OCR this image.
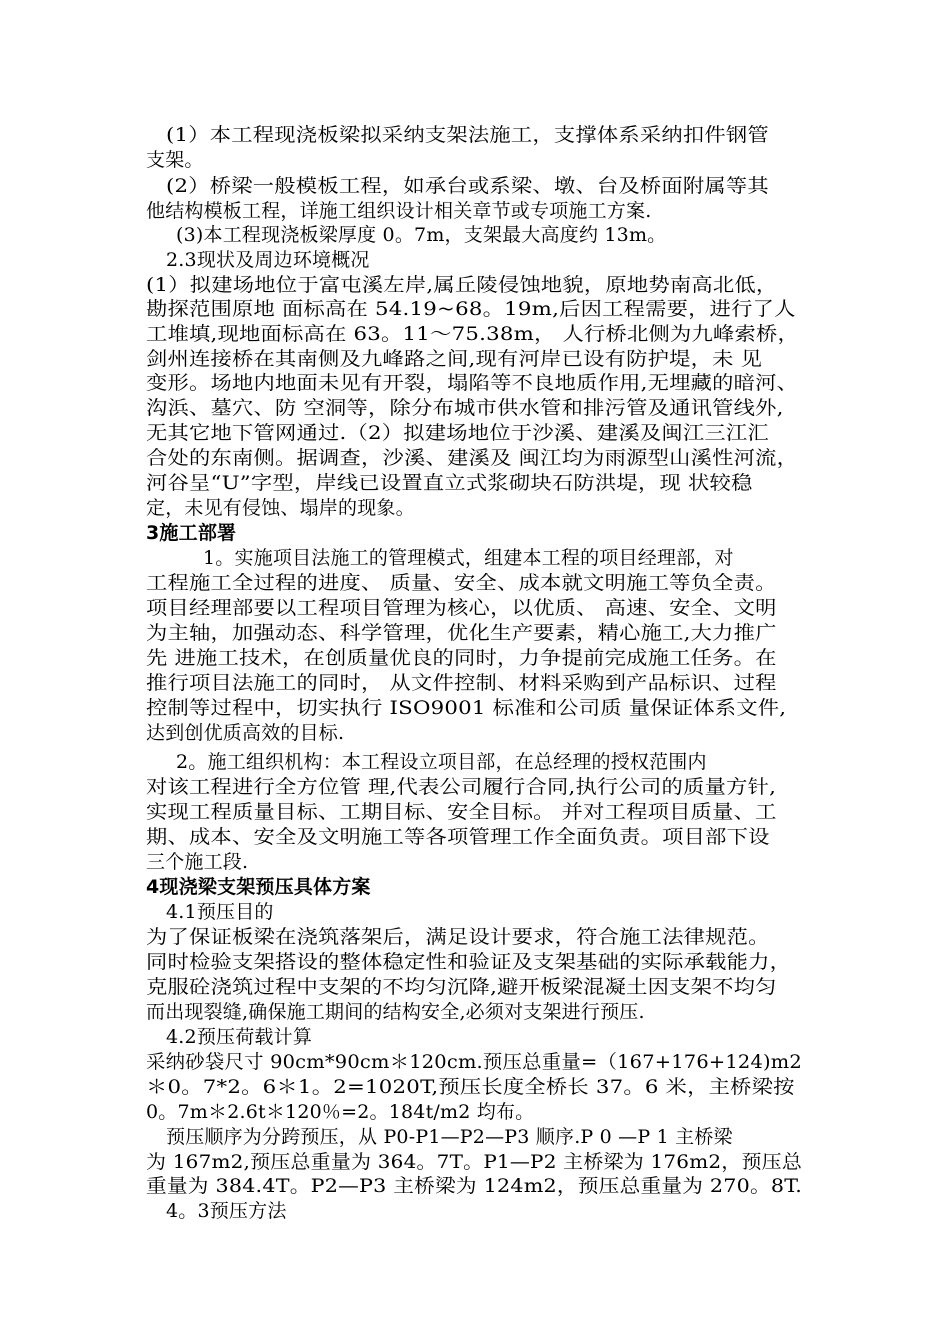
(1）本工程现浇板梁拟采纳支架法施工，支撑体系采纳扣件钢管
支架。
(2）桥梁一般模板工程，如承台或系梁、墩、台及桥面附属等其
他结构模板工程，详施工组织设计相关章节或专项施工方案.
(3)本工程现浇板梁厚度 0。7m，支架最大高度约 13m。
2.3现状及周边环境概况
(1）拟建场地位于富屯溪左岸,属丘陵侵蚀地貌，原地势南高北低，
勘探范围原地 面标高在 54.19~68。19m,后因工程需要，进行了人
工堆填,现地面标高在 63。11～75.38m， 人行桥北侧为九峰索桥，
剑州连接桥在其南侧及九峰路之间,现有河岸已设有防护堤，未 见
变形。场地内地面未见有开裂，塌陷等不良地质作用,无埋藏的暗河、
沟浜、墓穴、防 空洞等，除分布城市供水管和排污管及通讯管线外,
无其它地下管网通过.（2）拟建场地位于沙溪、建溪及闽江三江汇
合处的东南侧。据调查，沙溪、建溪及 闽江均为雨源型山溪性河流，
河谷呈“U”字型，岸线已设置直立式浆砌块石防洪堤，现 状较稳
定，未见有侵蚀、塌岸的现象。
3施工部署
1。实施项目法施工的管理模式，组建本工程的项目经理部，对
工程施工全过程的进度、 质量、安全、成本就文明施工等负全责。
项目经理部要以工程项目管理为核心，以优质、 高速、安全、文明
为主轴，加强动态、科学管理，优化生产要素，精心施工,大力推广
先 进施工技术，在创质量优良的同时，力争提前完成施工任务。在
推行项目法施工的同时， 从文件控制、材料采购到产品标识、过程
控制等过程中，切实执行 ISO9001 标准和公司质 量保证体系文件,
达到创优质高效的目标.
2。施工组织机构：本工程设立项目部，在总经理的授权范围内
对该工程进行全方位管 理,代表公司履行合同,执行公司的质量方针,
实现工程质量目标、工期目标、安全目标。 并对工程项目质量、工
期、成本、安全及文明施工等各项管理工作全面负责。项目部下设
三个施工段.
4现浇梁支架预压具体方案
4.1预压目的
为了保证板梁在浇筑落架后，满足设计要求，符合施工法律规范。
同时检验支架搭设的整体稳定性和验证及支架基础的实际承载能力，
克服砼浇筑过程中支架的不均匀沉降,避开板梁混凝土因支架不均匀
而出现裂缝,确保施工期间的结构安全,必须对支架进行预压.
4.2预压荷载计算
采纳砂袋尺寸 90cm*90cm＊120cm.预压总重量=（167+176+124)m2
＊0。7*2。6＊1。2=1020T,预压长度全桥长 37。6 米，主桥梁按
0。7m＊2.6t＊120％=2。184t/m2 均布。
预压顺序为分跨预压，从 P0-P1—P2—P3 顺序.P 0 —P 1 主桥梁
为 167m2,预压总重量为 364。7T。P1—P2 主桥梁为 176m2，预压总
重量为 384.4T。P2—P3 主桥梁为 124m2，预压总重量为 270。8T.
4。3预压方法
